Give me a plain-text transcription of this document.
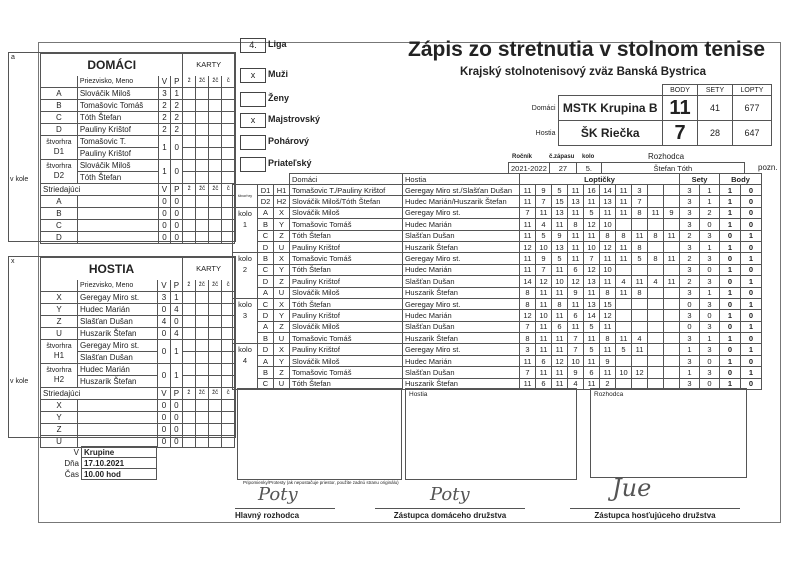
4.	Liga
x	Muži
Ženy
x	Majstrovský
Pohárový
Priateľský
Zápis zo stretnutia v stolnom tenise
Krajský stolnotenisový zväz Banská Bystrica
		BODY	SETY	LOPTY
Domáci	MSTK Krupina B	11	41	677
Hostia	ŠK Riečka	7	28	647
Ročník	č.zápasu kolo	Rozhodca
2021-2022	27	5.	Štefan Tóth	pozn.
a
DOMÁCI				KARTY			
	Priezvisko, Meno	V	P	ž	žč	žč	č
A	Slováčik Miloš	3	1				
B	Tomašovic Tomáš	2	2				
C	Tóth Štefan	2	2				
D	Pauliny Krištof	2	2				

štvorhra
D1	Tomašovic T.	1	0				
	Pauliny Krištof						

štvorhra
D2	Slováčik Miloš	1	0				
	Tóth Štefan						
Striedajúci		V	P	ž	žč	žč	č
A		0	0				
B		0	0				
C		0	0				
D		0	0				
x
HOSTIA				KARTY			
	Priezvisko, Meno	V	P	ž	žč	žč	č
X	Geregay Miro st.	3	1				
Y	Hudec Marián	0	4				
Z	Slašťan Dušan	4	0				
U	Huszarik Štefan	0	4				

štvorhra
H1	Geregay Miro st.	0	1				
	Slašťan Dušan						

štvorhra
H2	Hudec Marián	0	1				
	Huszarik Štefan						
Striedajúci		V	P	ž	žč	žč	č
X		0	0				
Y		0	0				
Z		0	0				
U		0	0				
V	Krupine
Dňa	17.10.2021
Čas	10.00 hod
			Domáci	Hostia	Loptičky										Sety		Body	
štvorhry	D1	H1	Tomašovic T./Pauliny Krištof	Geregay Miro st./Slašťan Dušan	11	9	5	11	16	14	11	3			3	1	1	0
	D2	H2	Slováčik Miloš/Tóth Štefan	Hudec Marián/Huszarik Štefan	11	7	15	13	11	13	11	7			3	1	1	0

kolo
1	A	X	Slováčik Miloš	Geregay Miro st.	7	11	13	11	5	11	11	8	11	9	3	2	1	0
	B	Y	Tomašovic Tomáš	Hudec Marián	11	4	11	8	12	10					3	0	1	0
	C	Z	Tóth Štefan	Slašťan Dušan	11	5	9	11	11	8	8	11	8	11	2	3	0	1
	D	U	Pauliny Krištof	Huszarik Štefan	12	10	13	11	10	12	11	8			3	1	1	0

kolo
2	B	X	Tomašovic Tomáš	Geregay Miro st.	11	9	5	11	7	11	11	5	8	11	2	3	0	1
	C	Y	Tóth Štefan	Hudec Marián	11	7	11	6	12	10					3	0	1	0
	D	Z	Pauliny Krištof	Slašťan Dušan	14	12	10	12	13	11	4	11	4	11	2	3	0	1
	A	U	Slováčik Miloš	Huszarik Štefan	8	11	11	9	11	8	11	8			3	1	1	0

kolo
3	C	X	Tóth Štefan	Geregay Miro st.	8	11	8	11	13	15					0	3	0	1
	D	Y	Pauliny Krištof	Hudec Marián	12	10	11	6	14	12					3	0	1	0
	A	Z	Slováčik Miloš	Slašťan Dušan	7	11	6	11	5	11					0	3	0	1
	B	U	Tomašovic Tomáš	Huszarik Štefan	8	11	11	7	11	8	11	4			3	1	1	0

kolo
4	D	X	Pauliny Krištof	Geregay Miro st.	3	11	11	7	5	11	5	11			1	3	0	1
	A	Y	Slováčik Miloš	Hudec Marián	11	6	12	10	11	9					3	0	1	0
	B	Z	Tomašovic Tomáš	Slašťan Dušan	7	11	11	9	6	11	10	12			1	3	0	1
	C	U	Tóth Štefan	Huszarik Štefan	11	6	11	4	11	2					3	0	1	0
Hostia	Rozhodca
Pripomienky/Protesty (ak nepostačuje priestor, použite zadnú stranu originálu)
Poty	Poty	Jue
Hlavný rozhodca	Zástupca domáceho družstva	Zástupca hosťujúceho družstva
v kole
v kole
